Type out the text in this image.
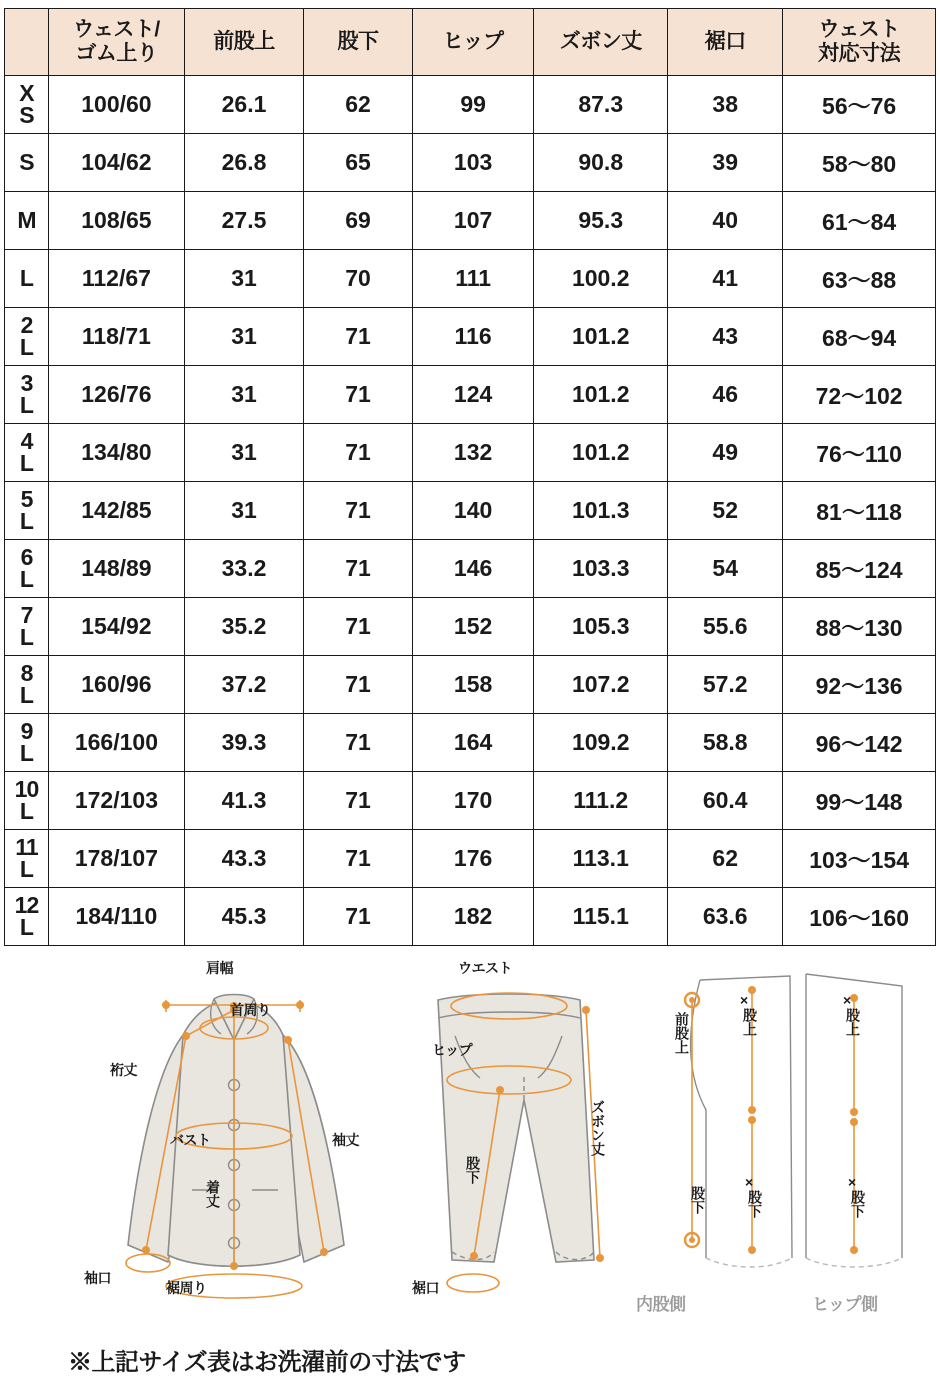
	ウェスト/
ゴム上り	前股上	股下	ヒップ	ズボン丈	裾口	ウェスト
対応寸法

X
S	100/60	26.1	62	99	87.3	38	56〜76

S	104/62	26.8	65	103	90.8	39	58〜80

M	108/65	27.5	69	107	95.3	40	61〜84

L	112/67	31	70	111	100.2	41	63〜88

2
L	118/71	31	71	116	101.2	43	68〜94

3
L	126/76	31	71	124	101.2	46	72〜102

4
L	134/80	31	71	132	101.2	49	76〜110

5
L	142/85	31	71	140	101.3	52	81〜118

6
L	148/89	33.2	71	146	103.3	54	85〜124

7
L	154/92	35.2	71	152	105.3	55.6	88〜130

8
L	160/96	37.2	71	158	107.2	57.2	92〜136

9
L	166/100	39.3	71	164	109.2	58.8	96〜142

10
L	172/103	41.3	71	170	111.2	60.4	99〜148

11
L	178/107	43.3	71	176	113.1	62	103〜154

12
L	184/110	45.3	71	182	115.1	63.6	106〜160
肩幅
首周り
裄丈
バスト	袖丈
着丈
袖口
裾周り
ウエスト
ヒップ
ズボン丈
股下
裾口
前股上
×
股上
×
股上
股下
×
股下
×
股下
内股側	ヒップ側
※上記サイズ表はお洗濯前の寸法です
